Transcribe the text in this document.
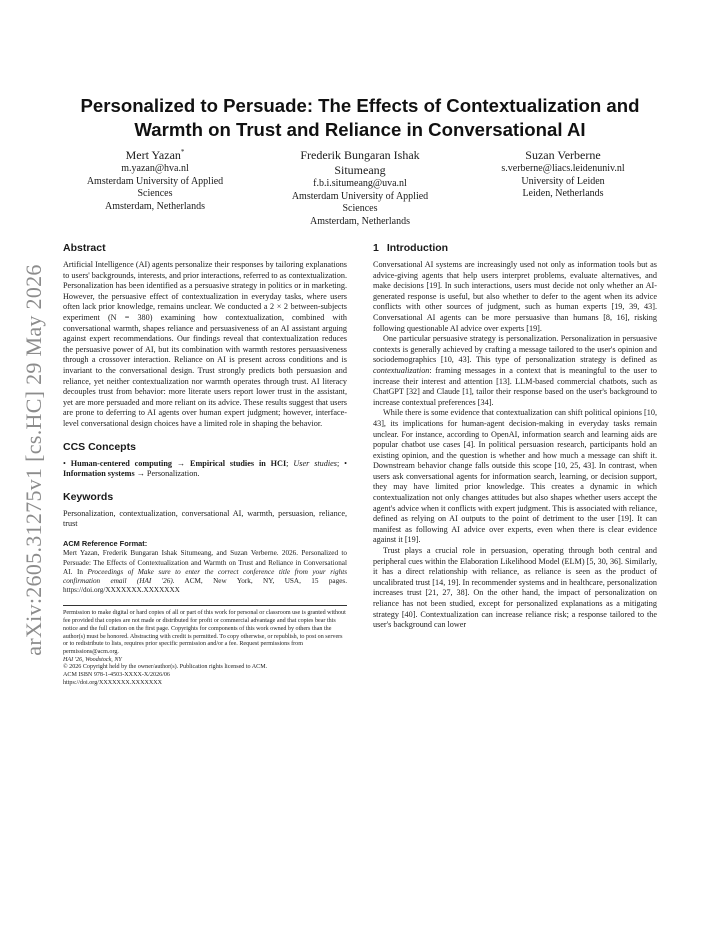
arXiv:2605.31275v1 [cs.HC] 29 May 2026
Personalized to Persuade: The Effects of Contextualization and
Warmth on Trust and Reliance in Conversational AI
Mert Yazan*
m.yazan@hva.nl
Amsterdam University of Applied
Sciences
Amsterdam, Netherlands
Frederik Bungaran Ishak
Situmeang
f.b.i.situmeang@uva.nl
Amsterdam University of Applied
Sciences
Amsterdam, Netherlands
Suzan Verberne
s.verberne@liacs.leidenuniv.nl
University of Leiden
Leiden, Netherlands
Abstract

Artificial Intelligence (AI) agents personalize their responses by tailoring explanations to users' backgrounds, interests, and prior interactions, referred to as contextualization. Personalization has been identified as a persuasive strategy in politics or in marketing. However, the persuasive effect of contextualization in everyday tasks, where users often lack prior knowledge, remains unclear. We conducted a 2 × 2 between-subjects experiment (N = 380) examining how contextualization, combined with conversational warmth, shapes reliance and persuasiveness of an AI assistant arguing against expert recommendations. Our findings reveal that contextualization reduces the persuasive power of AI, but its combination with warmth restores persuasiveness through a crossover interaction. Reliance on AI is present across conditions and is invariant to the conversational design. Trust strongly predicts both persuasion and reliance, yet neither contextualization nor warmth operates through trust. AI literacy decouples trust from behavior: more literate users report lower trust in the assistant, yet are more persuaded and more reliant on its advice. These results suggest that users are prone to deferring to AI agents over human expert judgment; however, interface-level conversational design choices have a limited role in shaping the behavior.

CCS Concepts

• Human-centered computing → Empirical studies in HCI; User studies; • Information systems → Personalization.

Keywords

Personalization, contextualization, conversational AI, warmth, persuasion, reliance, trust

ACM Reference Format:

Mert Yazan, Frederik Bungaran Ishak Situmeang, and Suzan Verberne. 2026. Personalized to Persuade: The Effects of Contextualization and Warmth on Trust and Reliance in Conversational AI. In Proceedings of Make sure to enter the correct conference title from your rights confirmation email (HAI '26). ACM, New York, NY, USA, 15 pages. https://doi.org/XXXXXXX.XXXXXXX

Permission to make digital or hard copies of all or part of this work for personal or classroom use is granted without fee provided that copies are not made or distributed for profit or commercial advantage and that copies bear this notice and the full citation on the first page. Copyrights for components of this work owned by others than the author(s) must be honored. Abstracting with credit is permitted. To copy otherwise, or republish, to post on servers or to redistribute to lists, requires prior specific permission and/or a fee. Request permissions from permissions@acm.org.

HAI '26, Woodstock, NY

© 2026 Copyright held by the owner/author(s). Publication rights licensed to ACM.

ACM ISBN 978-1-4503-XXXX-X/2026/06

https://doi.org/XXXXXXX.XXXXXXX

1 Introduction

Conversational AI systems are increasingly used not only as information tools but as advice-giving agents that help users interpret problems, evaluate alternatives, and make decisions [19]. In such interactions, users must decide not only whether an AI-generated response is useful, but also whether to defer to the agent when its advice conflicts with other sources of judgment, such as human experts [19, 39, 43]. Conversational AI agents can be more persuasive than humans [8, 16], risking following questionable AI advice over experts [19].

One particular persuasive strategy is personalization. Personalization in persuasive contexts is generally achieved by crafting a message tailored to the user's opinion and sociodemographics [10, 43]. This type of personalization strategy is defined as contextualization: framing messages in a context that is meaningful to the user to increase their interest and attention [13]. LLM-based commercial chatbots, such as ChatGPT [32] and Claude [1], tailor their response based on the user's background to increase contextual preferences [34].

While there is some evidence that contextualization can shift political opinions [10, 43], its implications for human-agent decision-making in everyday tasks remain unclear. For instance, according to OpenAI, information search and learning aids are popular chatbot use cases [4]. In political persuasion research, participants hold an existing opinion, and the question is whether and how much a message can shift it. Downstream behavior change falls outside this scope [10, 25, 43]. In contrast, when users ask conversational agents for information search, learning, or decision support, they may have limited prior knowledge. This creates a dynamic in which contextualization not only changes attitudes but also shapes whether users accept the agent's advice when it conflicts with expert judgment. This is associated with reliance, defined as relying on AI outputs to the point of detriment to the user [19]. It can manifest as following AI advice over experts, even when there is clear evidence against it [19].

Trust plays a crucial role in persuasion, operating through both central and peripheral cues within the Elaboration Likelihood Model (ELM) [5, 30, 36]. Similarly, it has a direct relationship with reliance, as reliance is seen as the product of uncalibrated trust [14, 19]. In recommender systems and in healthcare, personalization increases trust [21, 27, 38]. On the other hand, the impact of personalization on reliance has not been studied, except for personalized explanations as a mitigating strategy [40]. Contextualization can increase reliance risk; a response tailored to the user's background can lower
